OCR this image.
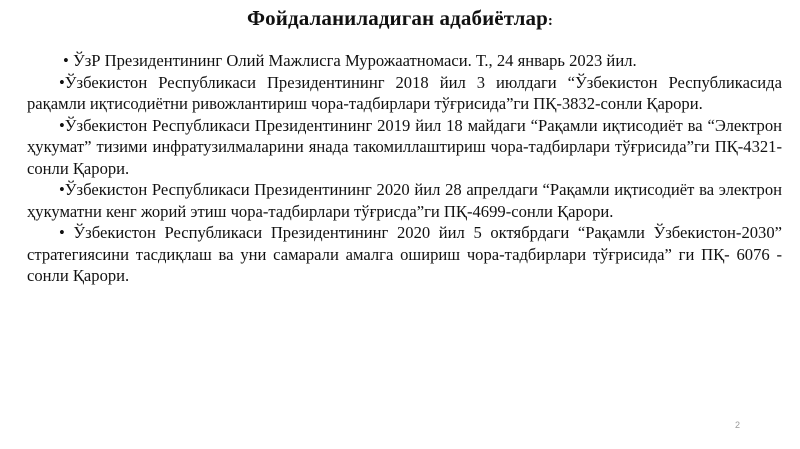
Фойдаланиладиган адабиётлар:

• ЎзР Президентининг Олий Мажлисга Мурожаатномаси. Т., 24 январь 2023 йил.

•Ўзбекистон Республикаси Президентининг 2018 йил 3 июлдаги “Ўзбекистон Республикасида рақамли иқтисодиётни ривожлантириш чора-тадбирлари тўғрисида”ги ПҚ-3832-сонли Қарори.

•Ўзбекистон Республикаси Президентининг 2019 йил 18 майдаги “Рақамли иқтисодиёт ва “Электрон ҳукумат” тизими инфратузилмаларини янада такомиллаштириш чора-тадбирлари тўғрисида”ги ПҚ-4321-сонли Қарори.

•Ўзбекистон Республикаси Президентининг 2020 йил 28 апрелдаги “Рақамли иқтисодиёт ва электрон ҳукуматни кенг жорий этиш чора-тадбирлари тўғрисда”ги ПҚ-4699-сонли Қарори.

• Ўзбекистон Республикаси Президентининг 2020 йил 5 октябрдаги “Рақамли Ўзбекистон-2030” стратегиясини тасдиқлаш ва уни самарали амалга ошириш чора-тадбирлари тўғрисида” ги ПҚ- 6076 - сонли Қарори.

2
